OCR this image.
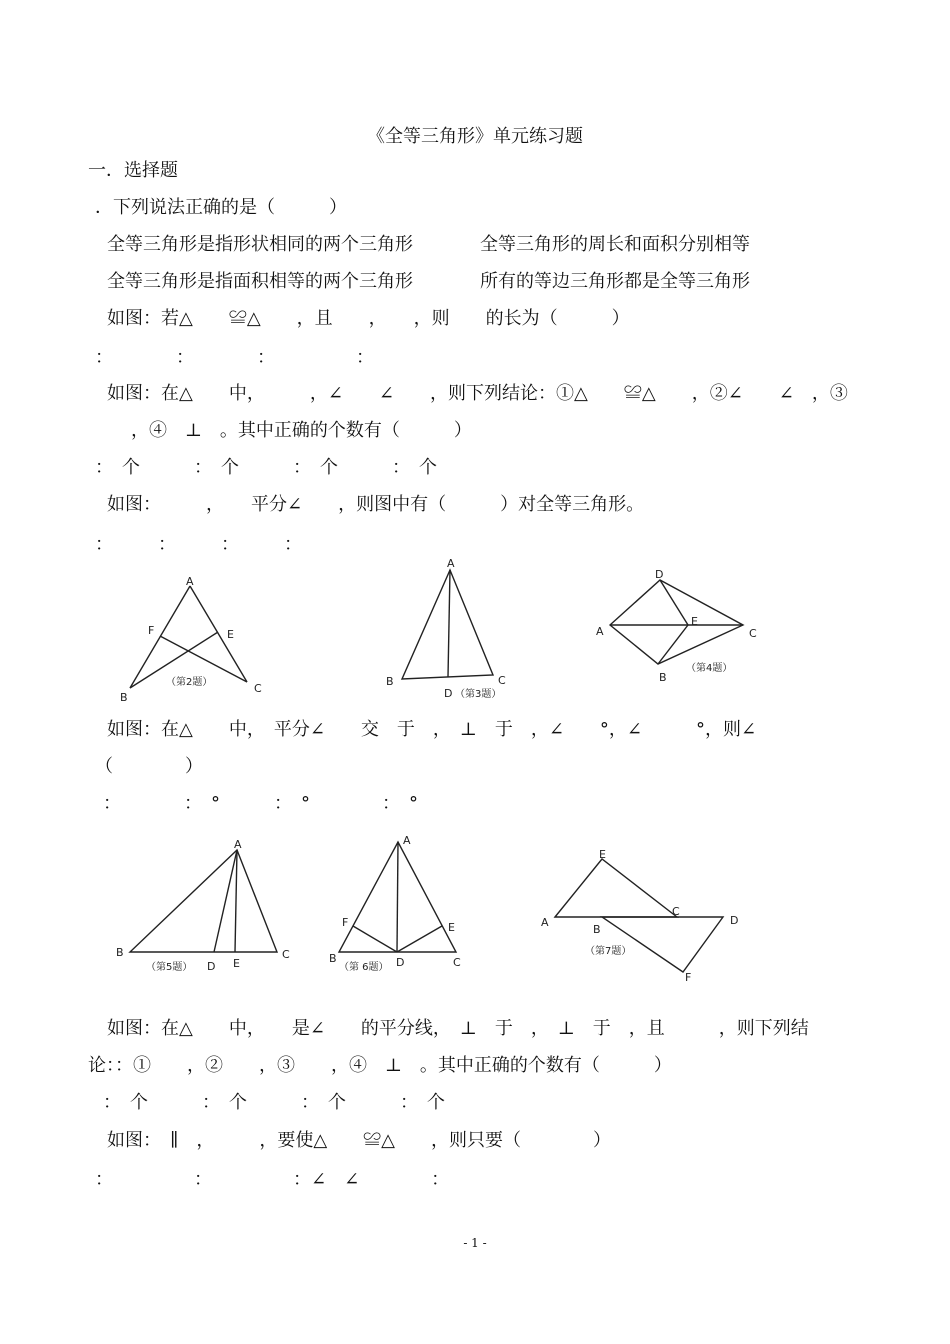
《全等三角形》单元练习题
一．选择题
．下列说法正确的是（　　　）
全等三角形是指形状相同的两个三角形	全等三角形的周长和面积分别相等
全等三角形是指面积相等的两个三角形	所有的等边三角形都是全等三角形
如图：若△　　≌△　　，且　　，　　，则　　的长为（　　　）
：　　　　：　　　　：　　　　　：
如图：在△　　中，　　　，∠　　∠　　，则下列结论：①△　　≌△　　，②∠　　∠　，③
，④　⊥　。其中正确的个数有（　　　）
：　个　　　：　个　　　：　个　　　：　个
如图：　　　，　　平分∠　　，则图中有（　　　）对全等三角形。
：　　　：　　　：　　　：
A
F	E
B
C
（第2题）
A
B	C
D （第3题）
D
A
E
C
B
（第4题）
如图：在△　　中，　平分∠　　交　于　，　⊥　于　，∠　　°，∠　　　°，则∠
（　　　　）
：　　　　：　°　　　：　°　　　　：　°
A
B
D E
C
（第5题）
A
F	E
B	D	C
（第 6题）
E
A
C
D
B
F
（第7题）
如图：在△　　中，　　是∠　　的平分线，　⊥　于　，　⊥　于　，且　　　，则下列结
论：：①　　，②　　，③　　，④　⊥　。其中正确的个数有（　　　）
：　个　　　：　个　　　：　个　　　：　个
如图：　∥　，　　　，要使△　　≌△　　，则只要（　　　　）
：　　　　　：　　　　　：∠　∠　　　　：
- 1 -
